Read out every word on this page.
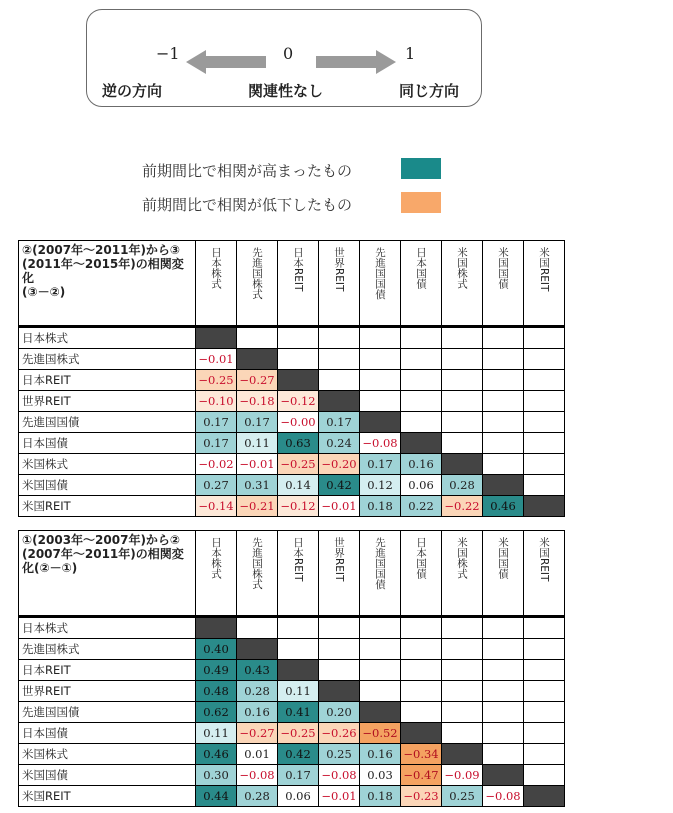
−1	0	1
逆の方向	関連性なし	同じ方向
前期間比で相関が高まったもの
前期間比で相関が低下したもの
②(2007年～2011年)から③
(2011年～2015年)の相関変
化
(③－②)	日本株式	先進国株式	日本REIT	世界REIT	先進国国債	日本国債	米国株式	米国国債	米国REIT

日本株式									
先進国株式	−0.01								
日本REIT	−0.25	−0.27							
世界REIT	−0.10	−0.18	−0.12						
先進国国債	0.17	0.17	−0.00	0.17					
日本国債	0.17	0.11	0.63	0.24	−0.08				
米国株式	−0.02	−0.01	−0.25	−0.20	0.17	0.16			
米国国債	0.27	0.31	0.14	0.42	0.12	0.06	0.28		
米国REIT	−0.14	−0.21	−0.12	−0.01	0.18	0.22	−0.22	0.46	
①(2003年～2007年)から②
(2007年～2011年)の相関変
化(②－①)	日本株式	先進国株式	日本REIT	世界REIT	先進国国債	日本国債	米国株式	米国国債	米国REIT

日本株式									
先進国株式	0.40								
日本REIT	0.49	0.43							
世界REIT	0.48	0.28	0.11						
先進国国債	0.62	0.16	0.41	0.20					
日本国債	0.11	−0.27	−0.25	−0.26	−0.52				
米国株式	0.46	0.01	0.42	0.25	0.16	−0.34			
米国国債	0.30	−0.08	0.17	−0.08	0.03	−0.47	−0.09		
米国REIT	0.44	0.28	0.06	−0.01	0.18	−0.23	0.25	−0.08	
